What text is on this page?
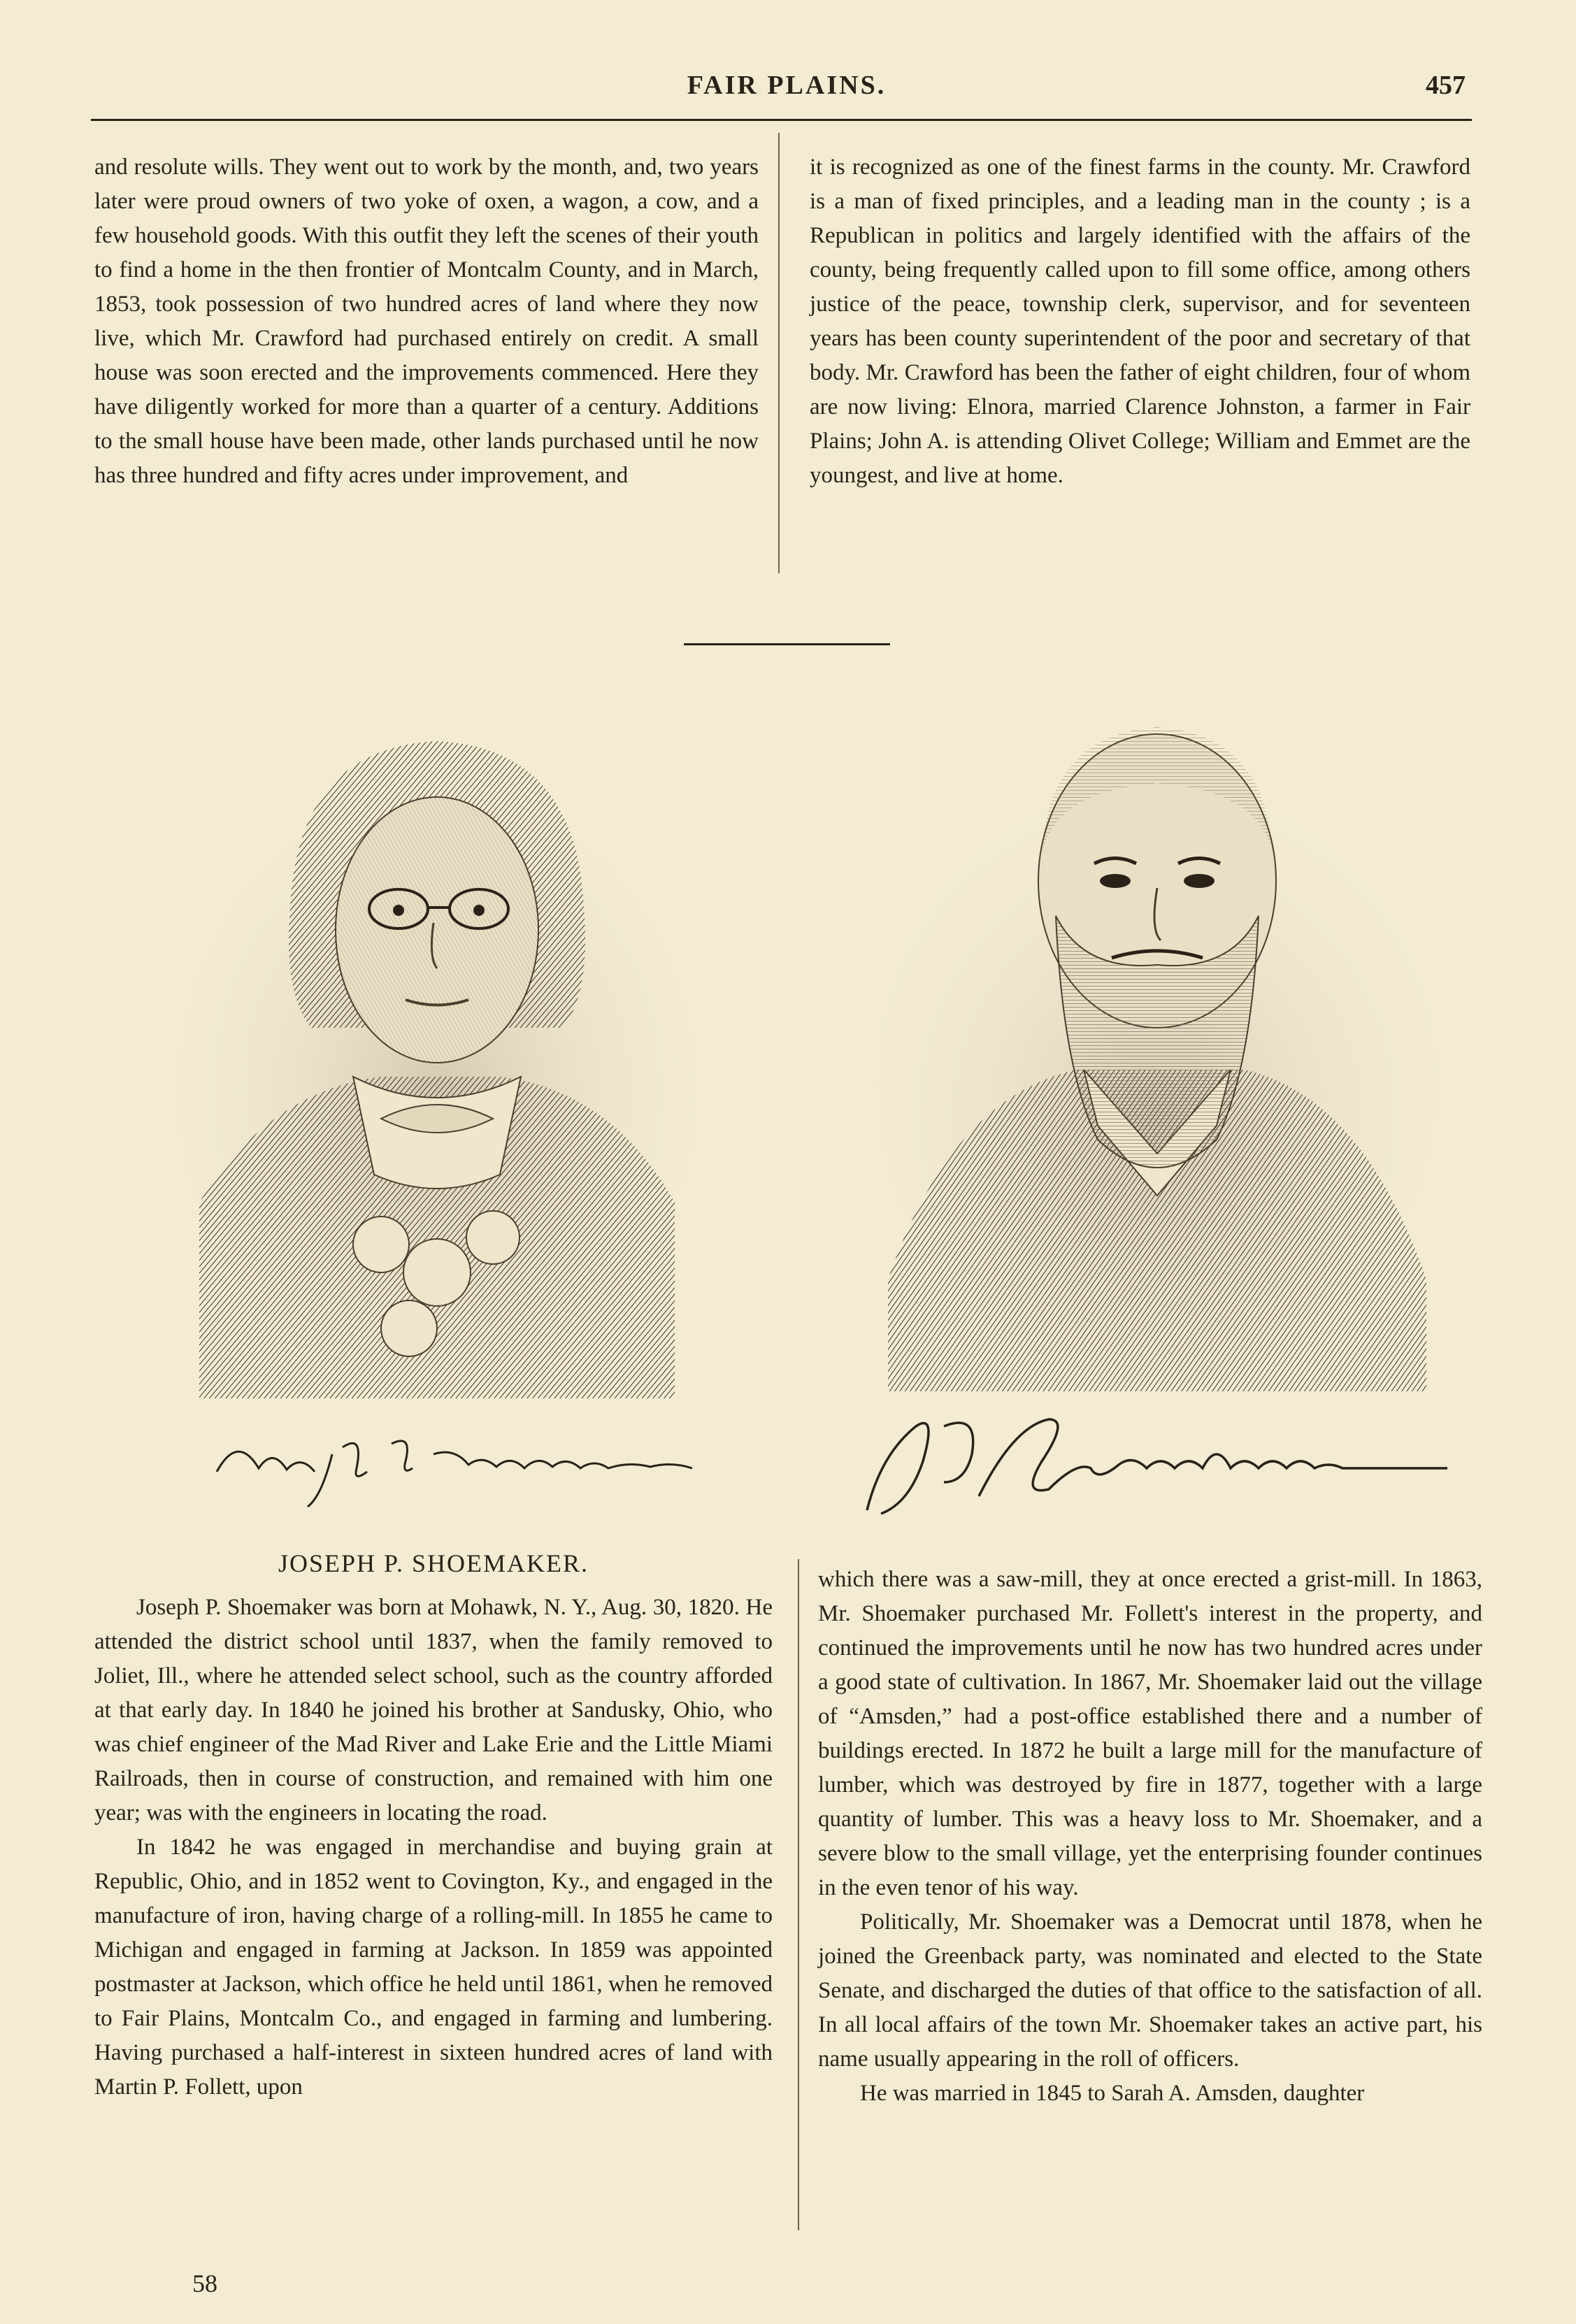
FAIR PLAINS.	457

and resolute wills. They went out to work by the month, and, two years later were proud owners of two yoke of oxen, a wagon, a cow, and a few household goods. With this outfit they left the scenes of their youth to find a home in the then frontier of Montcalm County, and in March, 1853, took possession of two hundred acres of land where they now live, which Mr. Crawford had purchased entirely on credit. A small house was soon erected and the improvements commenced. Here they have diligently worked for more than a quarter of a century. Additions to the small house have been made, other lands purchased until he now has three hundred and fifty acres under improvement, and

it is recognized as one of the finest farms in the county. Mr. Crawford is a man of fixed principles, and a leading man in the county ; is a Republican in politics and largely identified with the affairs of the county, being frequently called upon to fill some office, among others justice of the peace, township clerk, supervisor, and for seventeen years has been county superintendent of the poor and secretary of that body. Mr. Crawford has been the father of eight children, four of whom are now living: Elnora, married Clarence Johnston, a farmer in Fair Plains; John A. is attending Olivet College; William and Emmet are the youngest, and live at home.

JOSEPH P. SHOEMAKER.

Joseph P. Shoemaker was born at Mohawk, N. Y., Aug. 30, 1820. He attended the district school until 1837, when the family removed to Joliet, Ill., where he attended select school, such as the country afforded at that early day. In 1840 he joined his brother at Sandusky, Ohio, who was chief engineer of the Mad River and Lake Erie and the Little Miami Railroads, then in course of construction, and remained with him one year; was with the engineers in locating the road.

In 1842 he was engaged in merchandise and buying grain at Republic, Ohio, and in 1852 went to Covington, Ky., and engaged in the manufacture of iron, having charge of a rolling-mill. In 1855 he came to Michigan and engaged in farming at Jackson. In 1859 was appointed postmaster at Jackson, which office he held until 1861, when he removed to Fair Plains, Montcalm Co., and engaged in farming and lumbering. Having purchased a half-interest in sixteen hundred acres of land with Martin P. Follett, upon

which there was a saw-mill, they at once erected a grist-mill. In 1863, Mr. Shoemaker purchased Mr. Follett's interest in the property, and continued the improvements until he now has two hundred acres under a good state of cultivation. In 1867, Mr. Shoemaker laid out the village of “Amsden,” had a post-office established there and a number of buildings erected. In 1872 he built a large mill for the manufacture of lumber, which was destroyed by fire in 1877, together with a large quantity of lumber. This was a heavy loss to Mr. Shoemaker, and a severe blow to the small village, yet the enterprising founder continues in the even tenor of his way.

Politically, Mr. Shoemaker was a Democrat until 1878, when he joined the Greenback party, was nominated and elected to the State Senate, and discharged the duties of that office to the satisfaction of all. In all local affairs of the town Mr. Shoemaker takes an active part, his name usually appearing in the roll of officers.

He was married in 1845 to Sarah A. Amsden, daughter

58
